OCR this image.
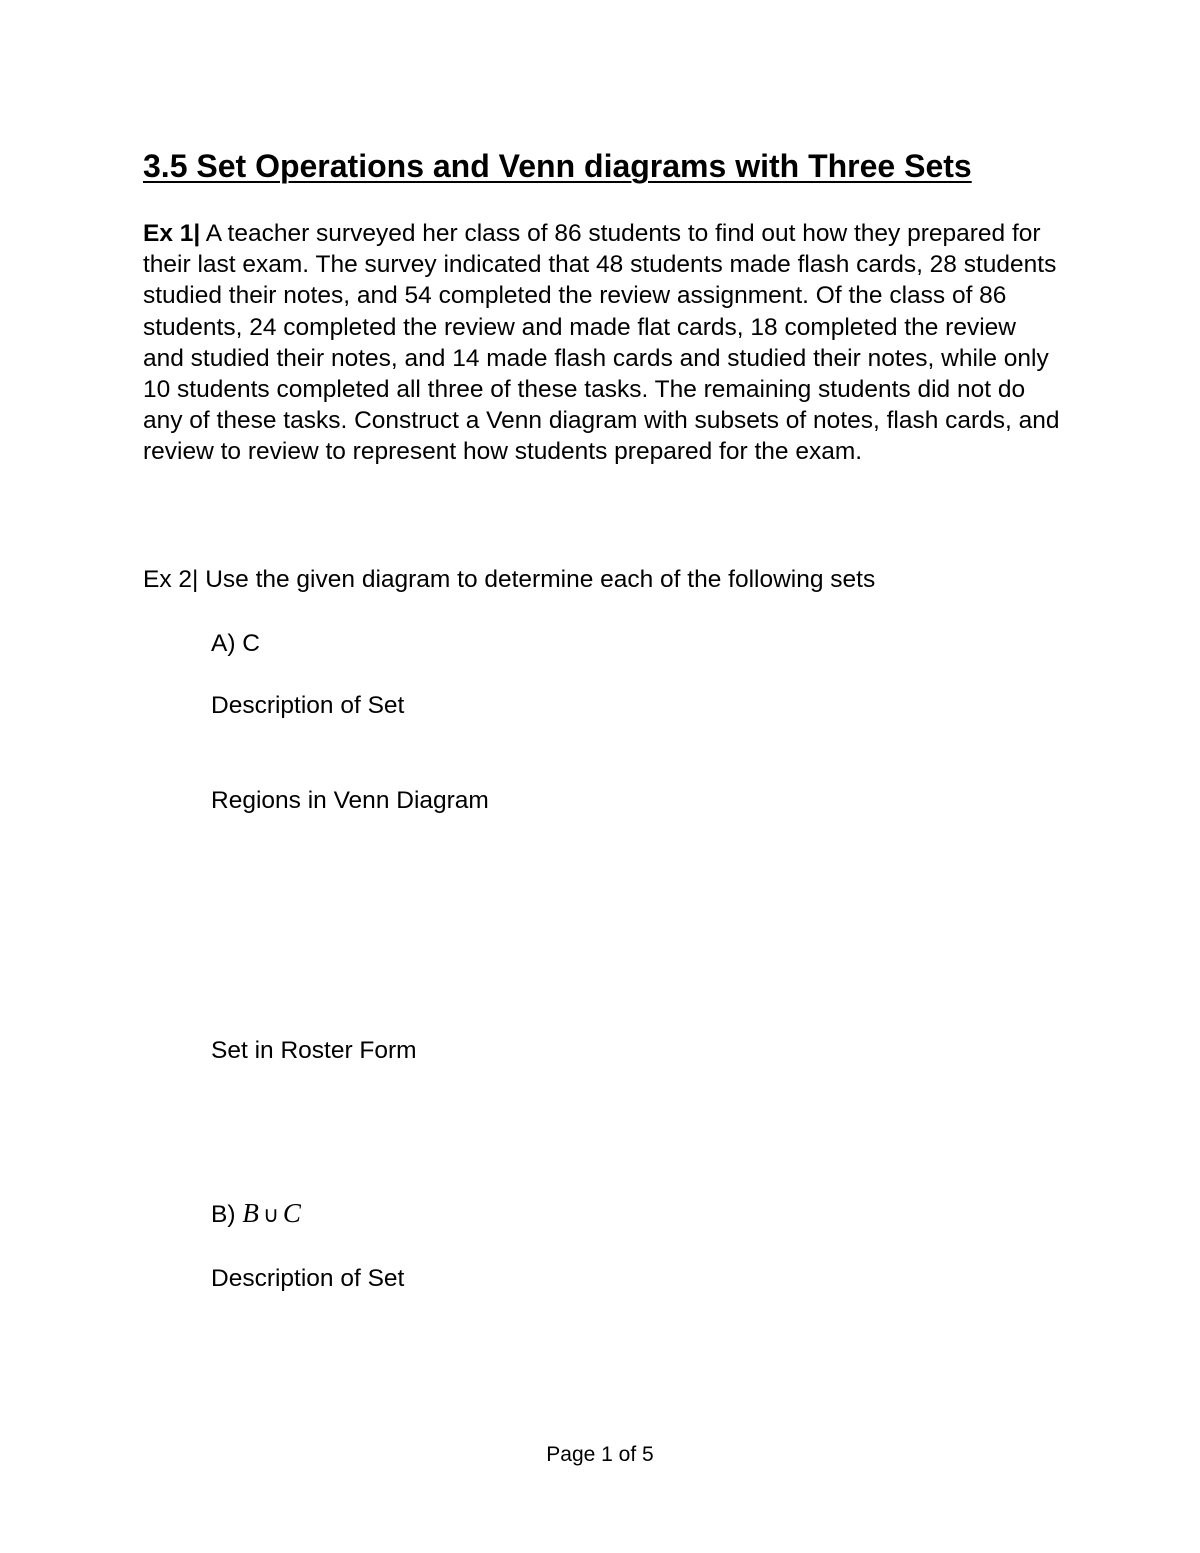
3.5 Set Operations and Venn diagrams with Three Sets

Ex 1| A teacher surveyed her class of 86 students to find out how they prepared for their last exam. The survey indicated that 48 students made flash cards, 28 students studied their notes, and 54 completed the review assignment. Of the class of 86 students, 24 completed the review and made flat cards, 18 completed the review and studied their notes, and 14 made flash cards and studied their notes, while only 10 students completed all three of these tasks. The remaining students did not do any of these tasks. Construct a Venn diagram with subsets of notes, flash cards, and review to review to represent how students prepared for the exam.

Ex 2| Use the given diagram to determine each of the following sets

A) C

Description of Set

Regions in Venn Diagram

Set in Roster Form

B) B ∪ C

Description of Set

Page 1 of 5
